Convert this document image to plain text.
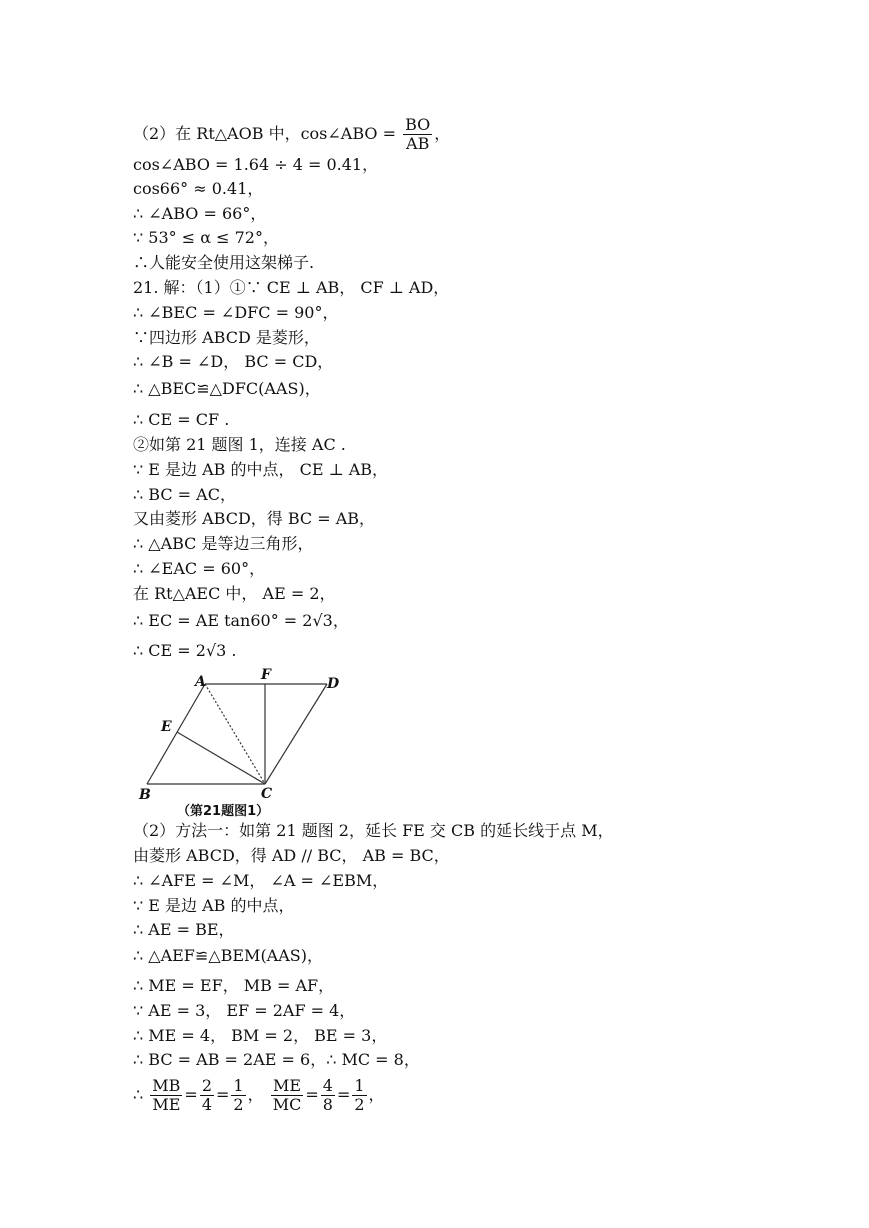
（2）在 Rt△AOB 中，cos∠ABO = $\frac{BO}{AB}$ ，
cos∠ABO = 1.64 ÷ 4 = 0.41，
cos66° ≈ 0.41，
∴ ∠ABO = 66°，
∵ 53° ≤ α ≤ 72°，
∴人能安全使用这架梯子.
21. 解：（1）①∵ CE ⊥ AB， CF ⊥ AD，
∴ ∠BEC = ∠DFC = 90°，
∵四边形 ABCD 是菱形，
∴ ∠B = ∠D， BC = CD，
∴ △BEC≌△DFC(AAS)，
∴ CE = CF .
②如第 21 题图 1，连接 AC .
∵ E 是边 AB 的中点， CE ⊥ AB，
∴ BC = AC，
又由菱形 ABCD，得 BC = AB，
∴ △ABC 是等边三角形，
∴ ∠EAC = 60°，
在 Rt△AEC 中， AE = 2，
∴ EC = AE tan60° = 2√3，
∴ CE = 2√3 .
A	F
D
E
B	C
（第21题图1）
（2）方法一：如第 21 题图 2，延长 FE 交 CB 的延长线于点 M，
由菱形 ABCD，得 AD // BC， AB = BC，
∴ ∠AFE = ∠M， ∠A = ∠EBM，
∵ E 是边 AB 的中点，
∴ AE = BE，
∴ △AEF≌△BEM(AAS)，
∴ ME = EF， MB = AF，
∵ AE = 3， EF = 2AF = 4，
∴ ME = 4， BM = 2， BE = 3，
∴ BC = AB = 2AE = 6，∴ MC = 8，
∴ $\frac{MB}{ME} = \frac{2}{4} = \frac{1}{2}$ ， $\frac{ME}{MC} = \frac{4}{8} = \frac{1}{2}$ ，
